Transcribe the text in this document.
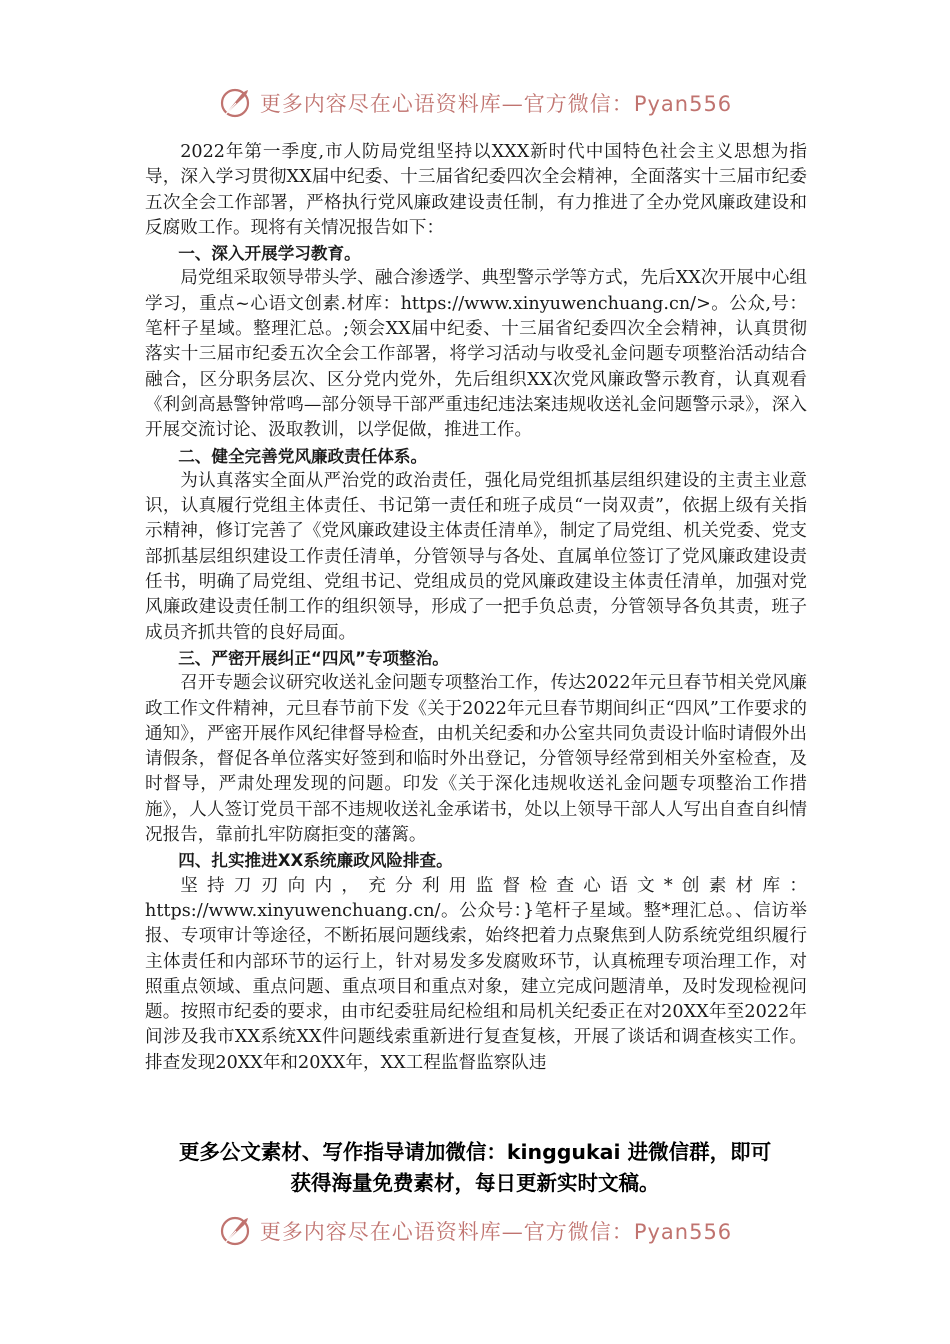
更多内容尽在心语资料库—官方微信：Pyan556

2022年第一季度,市人防局党组坚持以XXX新时代中国特色社会主义思想为指导，深入学习贯彻XX届中纪委、十三届省纪委四次全会精神，全面落实十三届市纪委五次全会工作部署，严格执行党风廉政建设责任制，有力推进了全办党风廉政建设和反腐败工作。现将有关情况报告如下：

一、深入开展学习教育。

局党组采取领导带头学、融合渗透学、典型警示学等方式，先后XX次开展中心组学习，重点~心语文创素.材库：https://www.xinyuwenchuang.cn/>。公众,号：笔杆子星域。整理汇总。;领会XX届中纪委、十三届省纪委四次全会精神，认真贯彻落实十三届市纪委五次全会工作部署，将学习活动与收受礼金问题专项整治活动结合融合，区分职务层次、区分党内党外，先后组织XX次党风廉政警示教育，认真观看《利剑高悬警钟常鸣—部分领导干部严重违纪违法案违规收送礼金问题警示录》，深入开展交流讨论、汲取教训，以学促做，推进工作。

二、健全完善党风廉政责任体系。

为认真落实全面从严治党的政治责任，强化局党组抓基层组织建设的主责主业意识，认真履行党组主体责任、书记第一责任和班子成员“一岗双责”，依据上级有关指示精神，修订完善了《党风廉政建设主体责任清单》，制定了局党组、机关党委、党支部抓基层组织建设工作责任清单，分管领导与各处、直属单位签订了党风廉政建设责任书，明确了局党组、党组书记、党组成员的党风廉政建设主体责任清单，加强对党风廉政建设责任制工作的组织领导，形成了一把手负总责，分管领导各负其责，班子成员齐抓共管的良好局面。

三、严密开展纠正“四风”专项整治。

召开专题会议研究收送礼金问题专项整治工作，传达2022年元旦春节相关党风廉政工作文件精神，元旦春节前下发《关于2022年元旦春节期间纠正“四风”工作要求的通知》，严密开展作风纪律督导检查，由机关纪委和办公室共同负责设计临时请假外出请假条，督促各单位落实好签到和临时外出登记，分管领导经常到相关外室检查，及时督导，严肃处理发现的问题。印发《关于深化违规收送礼金问题专项整治工作措施》，人人签订党员干部不违规收送礼金承诺书，处以上领导干部人人写出自查自纠情况报告，靠前扎牢防腐拒变的藩篱。

四、扎实推进XX系统廉政风险排查。

坚持刀刃向内，充分利用监督检查心语文*创素材库：https://www.xinyuwenchuang.cn/。公众号：}笔杆子星域。整*理汇总。、信访举报、专项审计等途径，不断拓展问题线索，始终把着力点聚焦到人防系统党组织履行主体责任和内部环节的运行上，针对易发多发腐败环节，认真梳理专项治理工作，对照重点领域、重点问题、重点项目和重点对象，建立完成问题清单，及时发现检视问题。按照市纪委的要求，由市纪委驻局纪检组和局机关纪委正在对20XX年至2022年间涉及我市XX系统XX件问题线索重新进行复查复核，开展了谈话和调查核实工作。排查发现20XX年和20XX年，XX工程监督监察队违

更多公文素材、写作指导请加微信：kinggukai 进微信群，即可
获得海量免费素材，每日更新实时文稿。
更多内容尽在心语资料库—官方微信：Pyan556
